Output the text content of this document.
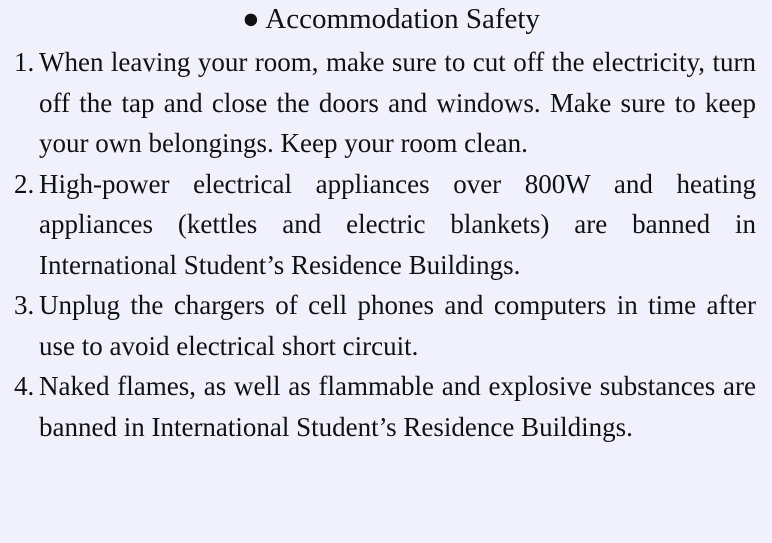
● Accommodation Safety
1. When leaving your room, make sure to cut off the electricity, turn off the tap and close the doors and windows. Make sure to keep your own belongings. Keep your room clean.
2. High-power electrical appliances over 800W and heating appliances (kettles and electric blankets) are banned in International Student’s Residence Buildings.
3. Unplug the chargers of cell phones and computers in time after use to avoid electrical short circuit.
4. Naked flames, as well as flammable and explosive substances are banned in International Student’s Residence Buildings.
